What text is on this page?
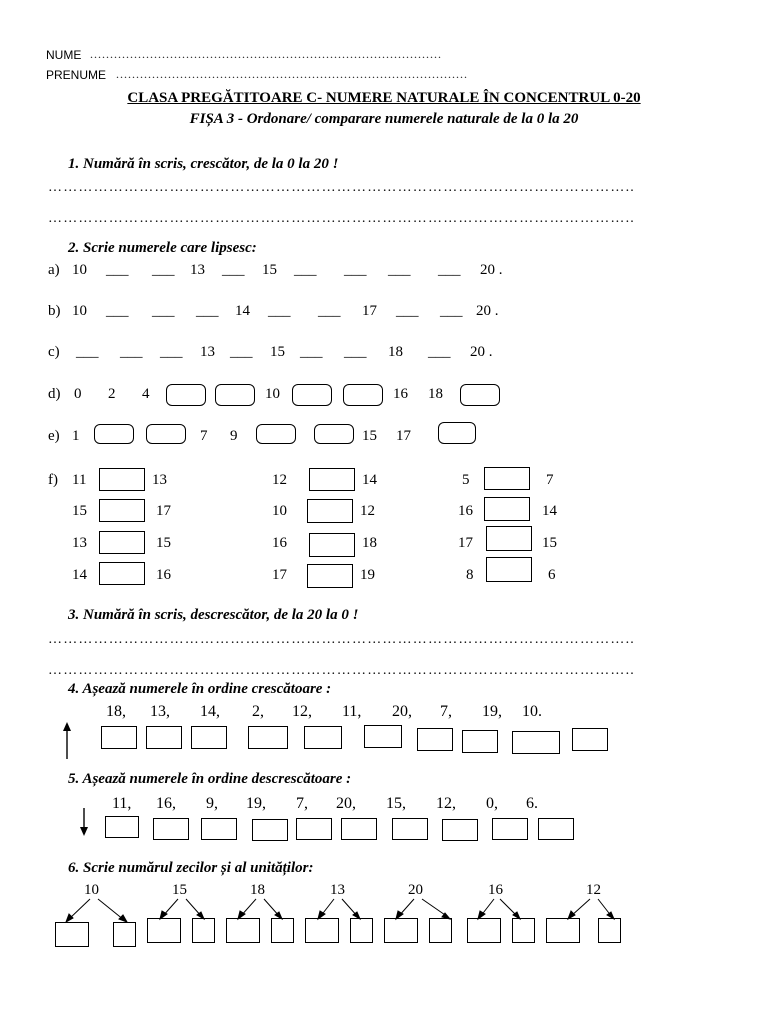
NUME ........................................................................................
PRENUME ........................................................................................
CLASA PREGĂTITOARE C- NUMERE NATURALE ÎN CONCENTRUL 0-20
FIȘA 3 - Ordonare/ comparare numerele naturale de la 0 la 20
1. Numără în scris, crescător, de la 0 la 20 !
……………………………………………………………………………………………………..
……………………………………………………………………………………………………..
2. Scrie numerele care lipsesc:
a) 10 ___ ___ 13 ___ 15 ___ ___ ___ ___ 20 .
b) 10 ___ ___ ___ 14 ___ ___ 17 ___ ___ 20 .
c) ___ ___ ___ 13 ___ 15 ___ ___ 18 ___ 20 .
d) 0 2 4	10	16 18
e) 1	7 9	15 17
f) 11	13	12	14	5	7
15	17	10	12	16	14
13	15	16	18	17	15
14	16	17	19	8	6
3. Numără în scris, descrescător, de la 20 la 0 !
……………………………………………………………………………………………………..
……………………………………………………………………………………………………..
4. Așează numerele în ordine crescătoare :
18, 13, 14, 2, 12, 11, 20, 7, 19, 10.
5. Așează numerele în ordine descrescătoare :
11, 16, 9, 19, 7, 20, 15, 12, 0, 6.
6. Scrie numărul zecilor și al unităților:
10	15	18	13	20	16	12
